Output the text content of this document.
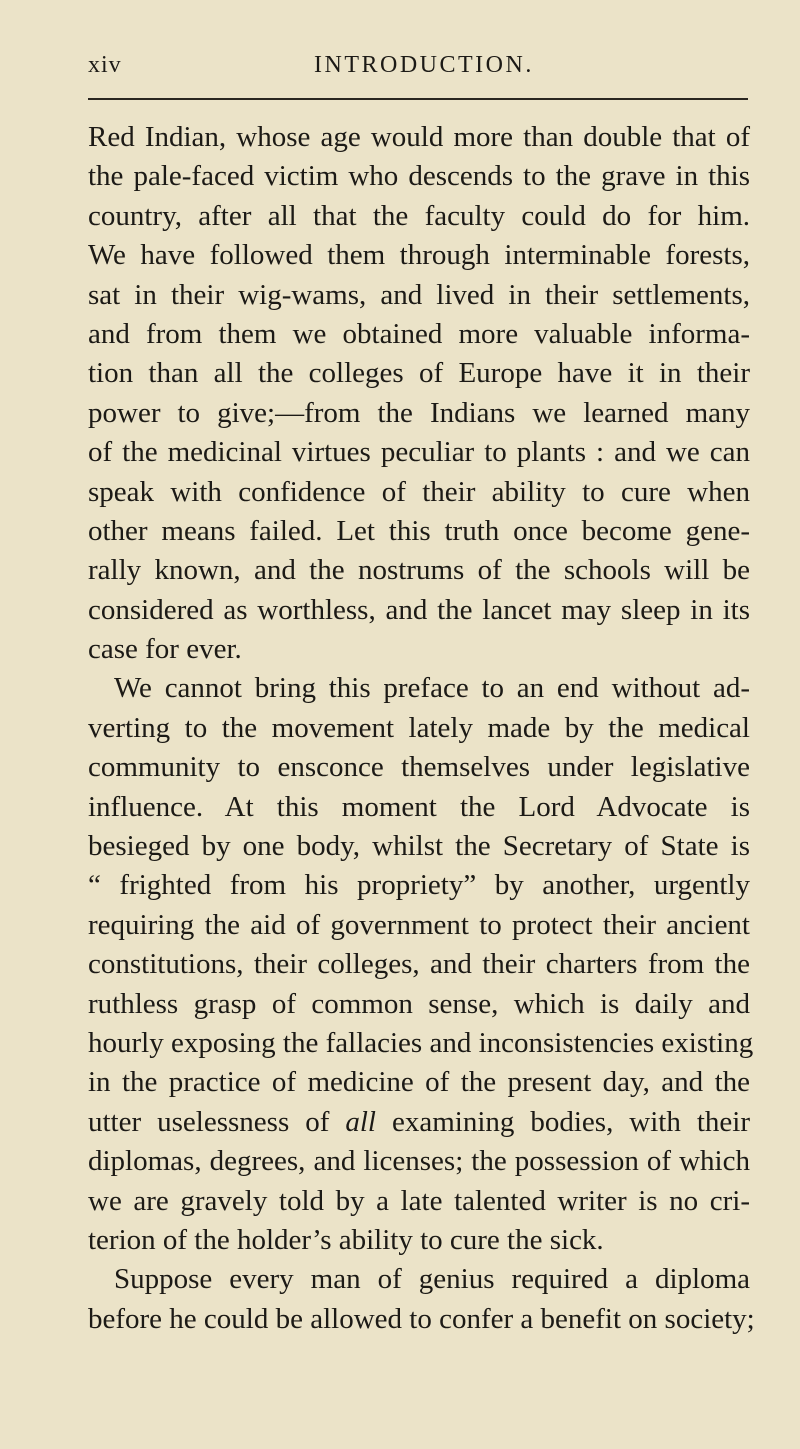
xiv	INTRODUCTION.
Red Indian, whose age would more than double that of
the pale-faced victim who descends to the grave in this
country, after all that the faculty could do for him.
We have followed them through interminable forests,
sat in their wig-wams, and lived in their settlements,
and from them we obtained more valuable informa-
tion than all the colleges of Europe have it in their
power to give;—from the Indians we learned many
of the medicinal virtues peculiar to plants : and we can
speak with confidence of their ability to cure when
other means failed. Let this truth once become gene-
rally known, and the nostrums of the schools will be
considered as worthless, and the lancet may sleep in its
case for ever.
We cannot bring this preface to an end without ad-
verting to the movement lately made by the medical
community to ensconce themselves under legislative
influence. At this moment the Lord Advocate is
besieged by one body, whilst the Secretary of State is
“ frighted from his propriety” by another, urgently
requiring the aid of government to protect their ancient
constitutions, their colleges, and their charters from the
ruthless grasp of common sense, which is daily and
hourly exposing the fallacies and inconsistencies existing
in the practice of medicine of the present day, and the
utter uselessness of all examining bodies, with their
diplomas, degrees, and licenses; the possession of which
we are gravely told by a late talented writer is no cri-
terion of the holder’s ability to cure the sick.
Suppose every man of genius required a diploma
before he could be allowed to confer a benefit on society;
